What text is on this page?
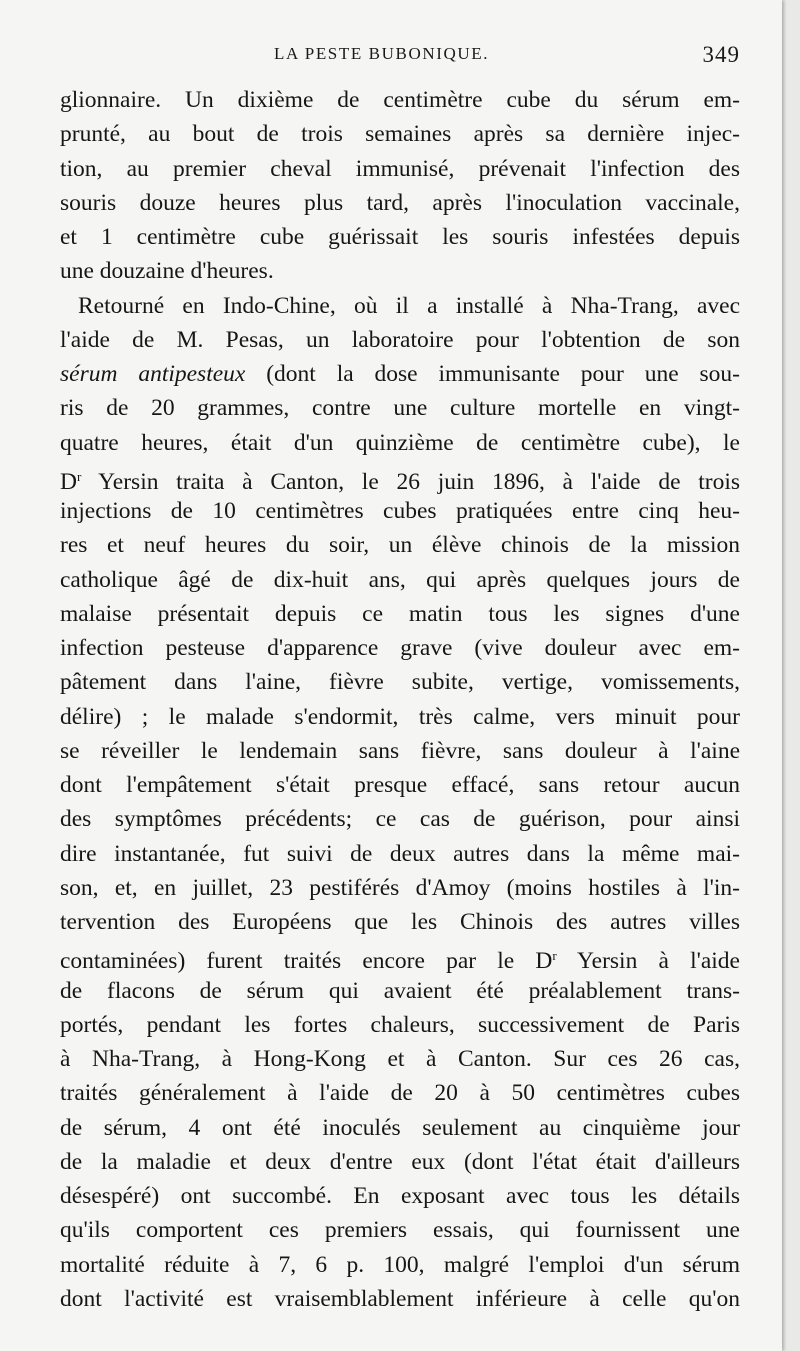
LA PESTE BUBONIQUE.	349
glionnaire. Un dixième de centimètre cube du sérum em-
prunté, au bout de trois semaines après sa dernière injec-
tion, au premier cheval immunisé, prévenait l'infection des
souris douze heures plus tard, après l'inoculation vaccinale,
et 1 centimètre cube guérissait les souris infestées depuis
une douzaine d'heures.
Retourné en Indo-Chine, où il a installé à Nha-Trang, avec
l'aide de M. Pesas, un laboratoire pour l'obtention de son
sérum antipesteux (dont la dose immunisante pour une sou-
ris de 20 grammes, contre une culture mortelle en vingt-
quatre heures, était d'un quinzième de centimètre cube), le
$D^r$ Yersin traita à Canton, le 26 juin 1896, à l'aide de trois
injections de 10 centimètres cubes pratiquées entre cinq heu-
res et neuf heures du soir, un élève chinois de la mission
catholique âgé de dix-huit ans, qui après quelques jours de
malaise présentait depuis ce matin tous les signes d'une
infection pesteuse d'apparence grave (vive douleur avec em-
pâtement dans l'aine, fièvre subite, vertige, vomissements,
délire) ; le malade s'endormit, très calme, vers minuit pour
se réveiller le lendemain sans fièvre, sans douleur à l'aine
dont l'empâtement s'était presque effacé, sans retour aucun
des symptômes précédents; ce cas de guérison, pour ainsi
dire instantanée, fut suivi de deux autres dans la même mai-
son, et, en juillet, 23 pestiférés d'Amoy (moins hostiles à l'in-
tervention des Européens que les Chinois des autres villes
contaminées) furent traités encore par le $D^r$ Yersin à l'aide
de flacons de sérum qui avaient été préalablement trans-
portés, pendant les fortes chaleurs, successivement de Paris
à Nha-Trang, à Hong-Kong et à Canton. Sur ces 26 cas,
traités généralement à l'aide de 20 à 50 centimètres cubes
de sérum, 4 ont été inoculés seulement au cinquième jour
de la maladie et deux d'entre eux (dont l'état était d'ailleurs
désespéré) ont succombé. En exposant avec tous les détails
qu'ils comportent ces premiers essais, qui fournissent une
mortalité réduite à 7, 6 p. 100, malgré l'emploi d'un sérum
dont l'activité est vraisemblablement inférieure à celle qu'on
